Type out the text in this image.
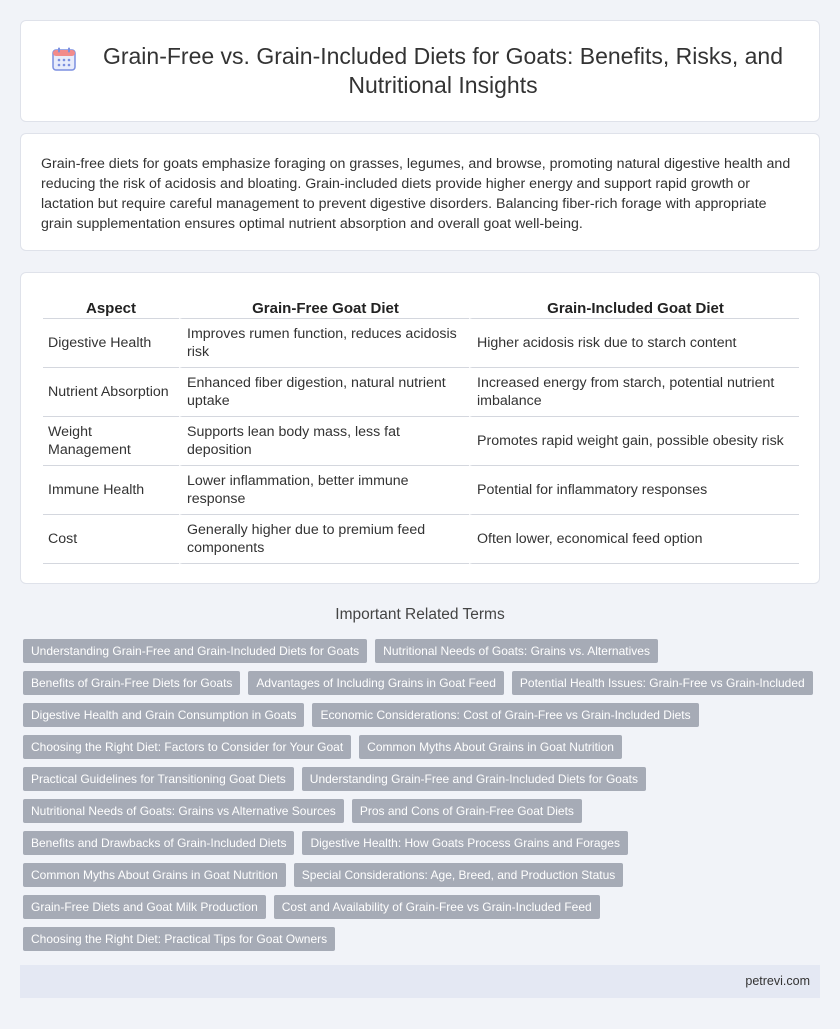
Grain-Free vs. Grain-Included Diets for Goats: Benefits, Risks, and Nutritional Insights

Grain-free diets for goats emphasize foraging on grasses, legumes, and browse, promoting natural digestive health and reducing the risk of acidosis and bloating. Grain-included diets provide higher energy and support rapid growth or lactation but require careful management to prevent digestive disorders. Balancing fiber-rich forage with appropriate grain supplementation ensures optimal nutrient absorption and overall goat well-being.

Aspect	Grain-Free Goat Diet	Grain-Included Goat Diet
Digestive Health	Improves rumen function, reduces acidosis risk	Higher acidosis risk due to starch content
Nutrient Absorption	Enhanced fiber digestion, natural nutrient uptake	Increased energy from starch, potential nutrient imbalance
Weight Management	Supports lean body mass, less fat deposition	Promotes rapid weight gain, possible obesity risk
Immune Health	Lower inflammation, better immune response	Potential for inflammatory responses
Cost	Generally higher due to premium feed components	Often lower, economical feed option
Important Related Terms
Understanding Grain-Free and Grain-Included Diets for Goats	Nutritional Needs of Goats: Grains vs. Alternatives
Benefits of Grain-Free Diets for Goats	Advantages of Including Grains in Goat Feed	Potential Health Issues: Grain-Free vs Grain-Included
Digestive Health and Grain Consumption in Goats	Economic Considerations: Cost of Grain-Free vs Grain-Included Diets
Choosing the Right Diet: Factors to Consider for Your Goat	Common Myths About Grains in Goat Nutrition
Practical Guidelines for Transitioning Goat Diets	Understanding Grain-Free and Grain-Included Diets for Goats
Nutritional Needs of Goats: Grains vs Alternative Sources	Pros and Cons of Grain-Free Goat Diets
Benefits and Drawbacks of Grain-Included Diets	Digestive Health: How Goats Process Grains and Forages
Common Myths About Grains in Goat Nutrition	Special Considerations: Age, Breed, and Production Status
Grain-Free Diets and Goat Milk Production	Cost and Availability of Grain-Free vs Grain-Included Feed
Choosing the Right Diet: Practical Tips for Goat Owners
petrevi.com
